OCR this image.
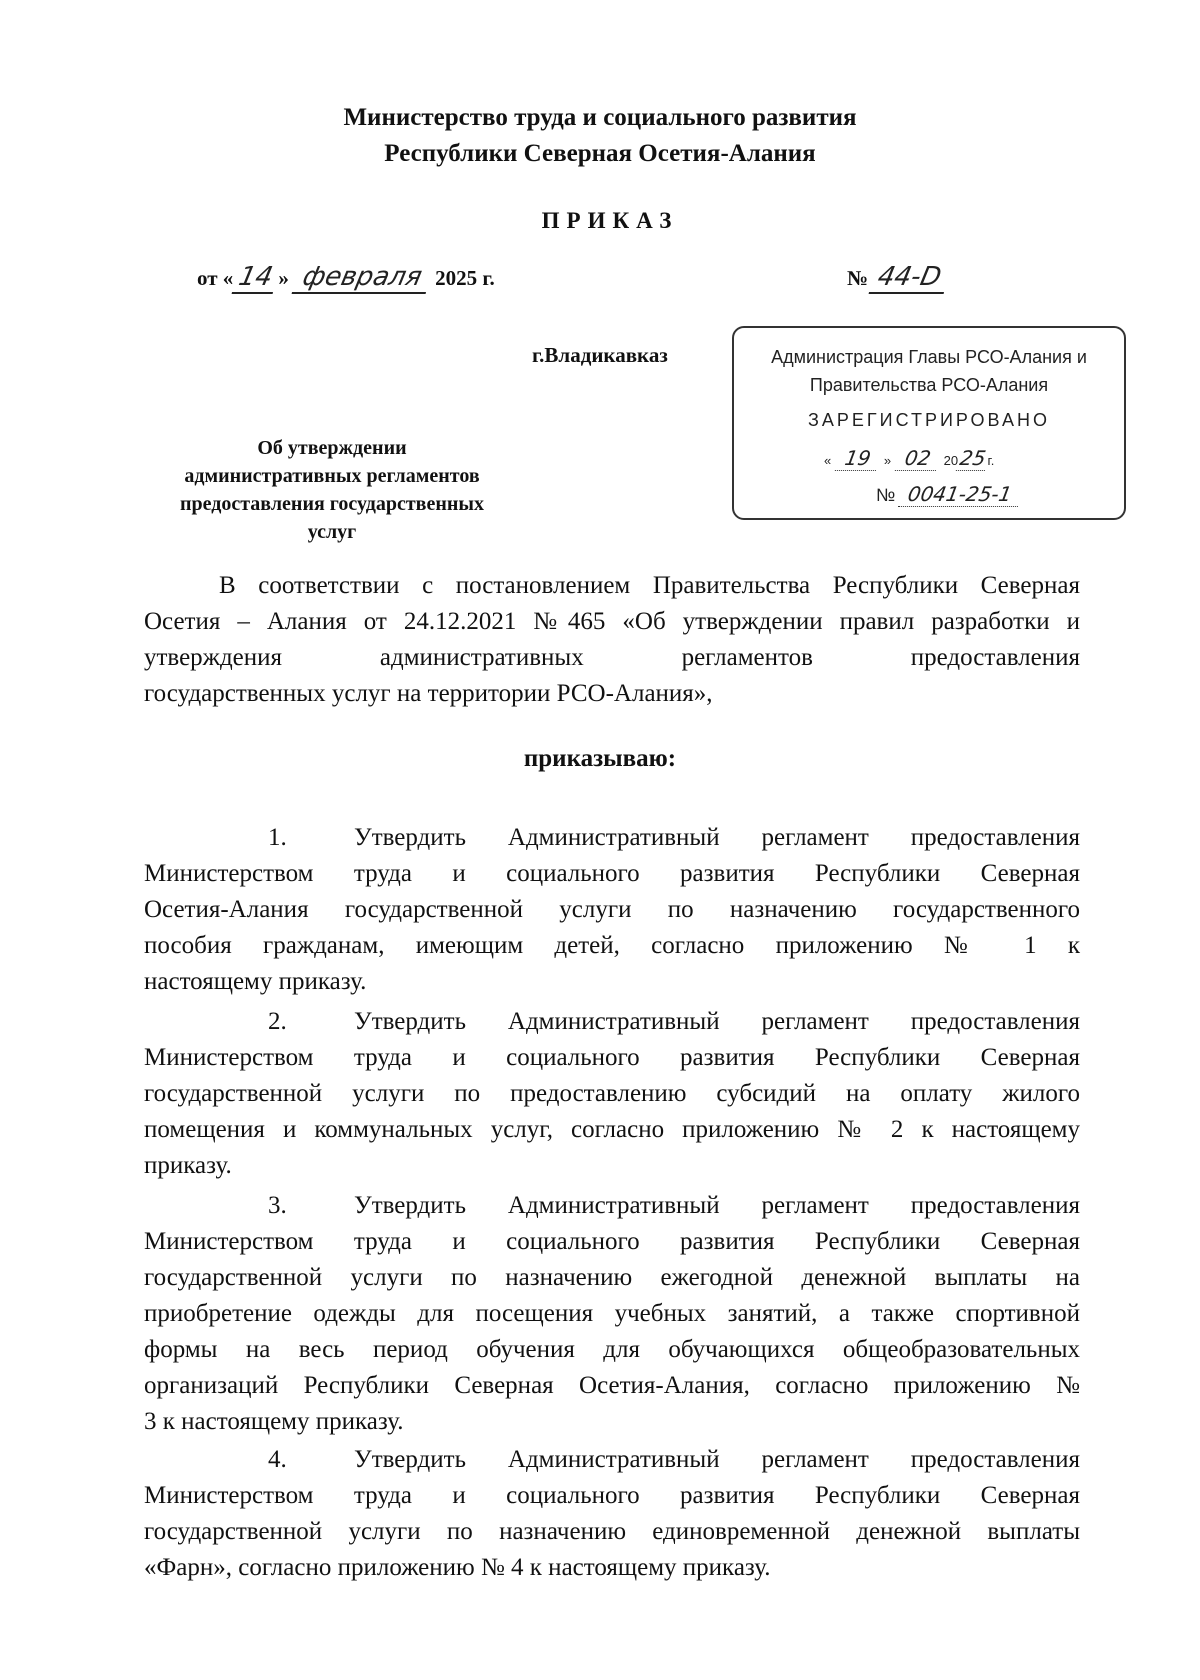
Министерство труда и социального развития
Республики Северная Осетия-Алания
ПРИКАЗ
от « 14 » февраля 2025 г.	№ 44-D
г.Владикавказ	Администрация Главы РСО-Алания и
Правительства РСО-Алания
ЗАРЕГИСТРИРОВАНО
« 19 » 02 2025г.
№ 0041-25-1
Об утверждении
административных регламентов
предоставления государственных
услуг
В соответствии с постановлением Правительства Республики Северная
Осетия – Алания от 24.12.2021 №465 «Об утверждении правил разработки и
утверждения административных регламентов предоставления
государственных услуг на территории РСО-Алания»,
приказываю:
1.	Утвердить Административный регламент предоставления
Министерством труда и социального развития Республики Северная
Осетия-Алания государственной услуги по назначению государственного
пособия гражданам, имеющим детей, согласно приложению № 1 к
настоящему приказу.
2.	Утвердить Административный регламент предоставления
Министерством труда и социального развития Республики Северная
государственной услуги по предоставлению субсидий на оплату жилого
помещения и коммунальных услуг, согласно приложению № 2 к настоящему
приказу.
3.	Утвердить Административный регламент предоставления
Министерством труда и социального развития Республики Северная
государственной услуги по назначению ежегодной денежной выплаты на
приобретение одежды для посещения учебных занятий, а также спортивной
формы на весь период обучения для обучающихся общеобразовательных
организаций Республики Северная Осетия-Алания, согласно приложению №
3 к настоящему приказу.
4.	Утвердить Административный регламент предоставления
Министерством труда и социального развития Республики Северная
государственной услуги по назначению единовременной денежной выплаты
«Фарн», согласно приложению № 4 к настоящему приказу.
